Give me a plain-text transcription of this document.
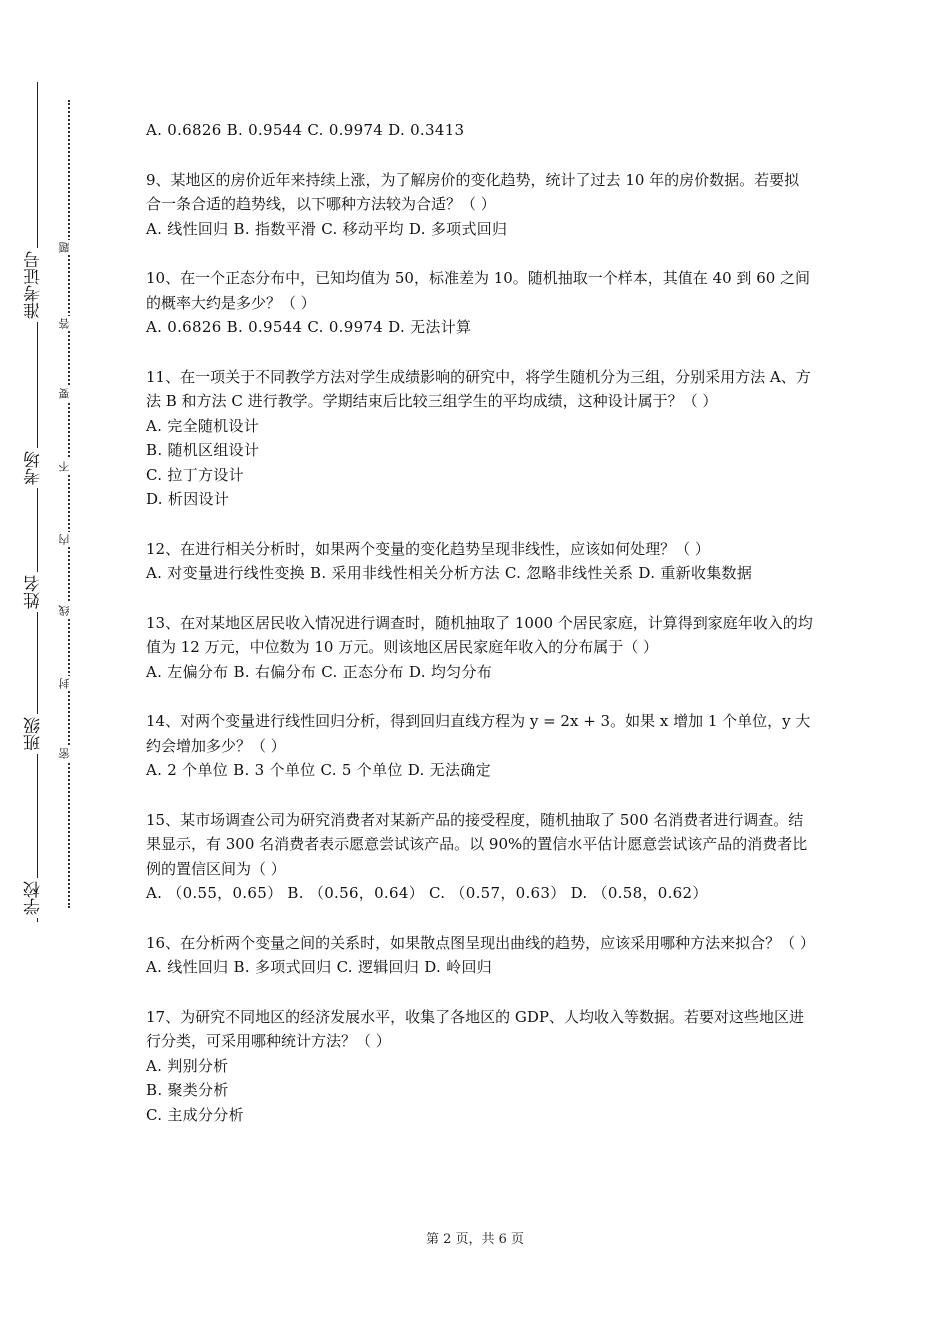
准考证号
考场
姓名
班级
学校
题
答
要
不
内
线
封
密

A. 0.6826 B. 0.9544 C. 0.9974 D. 0.3413

9、某地区的房价近年来持续上涨，为了解房价的变化趋势，统计了过去 10 年的房价数据。若要拟合一条合适的趋势线，以下哪种方法较为合适？（ ）

A. 线性回归 B. 指数平滑 C. 移动平均 D. 多项式回归

10、在一个正态分布中，已知均值为 50，标准差为 10。随机抽取一个样本，其值在 40 到 60 之间的概率大约是多少？（ ）

A. 0.6826 B. 0.9544 C. 0.9974 D. 无法计算

11、在一项关于不同教学方法对学生成绩影响的研究中，将学生随机分为三组，分别采用方法 A、方法 B 和方法 C 进行教学。学期结束后比较三组学生的平均成绩，这种设计属于？（ ）

A. 完全随机设计

B. 随机区组设计

C. 拉丁方设计

D. 析因设计

12、在进行相关分析时，如果两个变量的变化趋势呈现非线性，应该如何处理？（ ）

A. 对变量进行线性变换 B. 采用非线性相关分析方法 C. 忽略非线性关系 D. 重新收集数据

13、在对某地区居民收入情况进行调查时，随机抽取了 1000 个居民家庭，计算得到家庭年收入的均值为 12 万元，中位数为 10 万元。则该地区居民家庭年收入的分布属于（ ）

A. 左偏分布 B. 右偏分布 C. 正态分布 D. 均匀分布

14、对两个变量进行线性回归分析，得到回归直线方程为 y = 2x + 3。如果 x 增加 1 个单位，y 大约会增加多少？（ ）

A. 2 个单位 B. 3 个单位 C. 5 个单位 D. 无法确定

15、某市场调查公司为研究消费者对某新产品的接受程度，随机抽取了 500 名消费者进行调查。结果显示，有 300 名消费者表示愿意尝试该产品。以 90%的置信水平估计愿意尝试该产品的消费者比例的置信区间为（ ）

A. （0.55，0.65） B. （0.56，0.64） C. （0.57，0.63） D. （0.58，0.62）

16、在分析两个变量之间的关系时，如果散点图呈现出曲线的趋势，应该采用哪种方法来拟合？（ ）

A. 线性回归 B. 多项式回归 C. 逻辑回归 D. 岭回归

17、为研究不同地区的经济发展水平，收集了各地区的 GDP、人均收入等数据。若要对这些地区进行分类，可采用哪种统计方法？（ ）

A. 判别分析

B. 聚类分析

C. 主成分分析

第 2 页，共 6 页
